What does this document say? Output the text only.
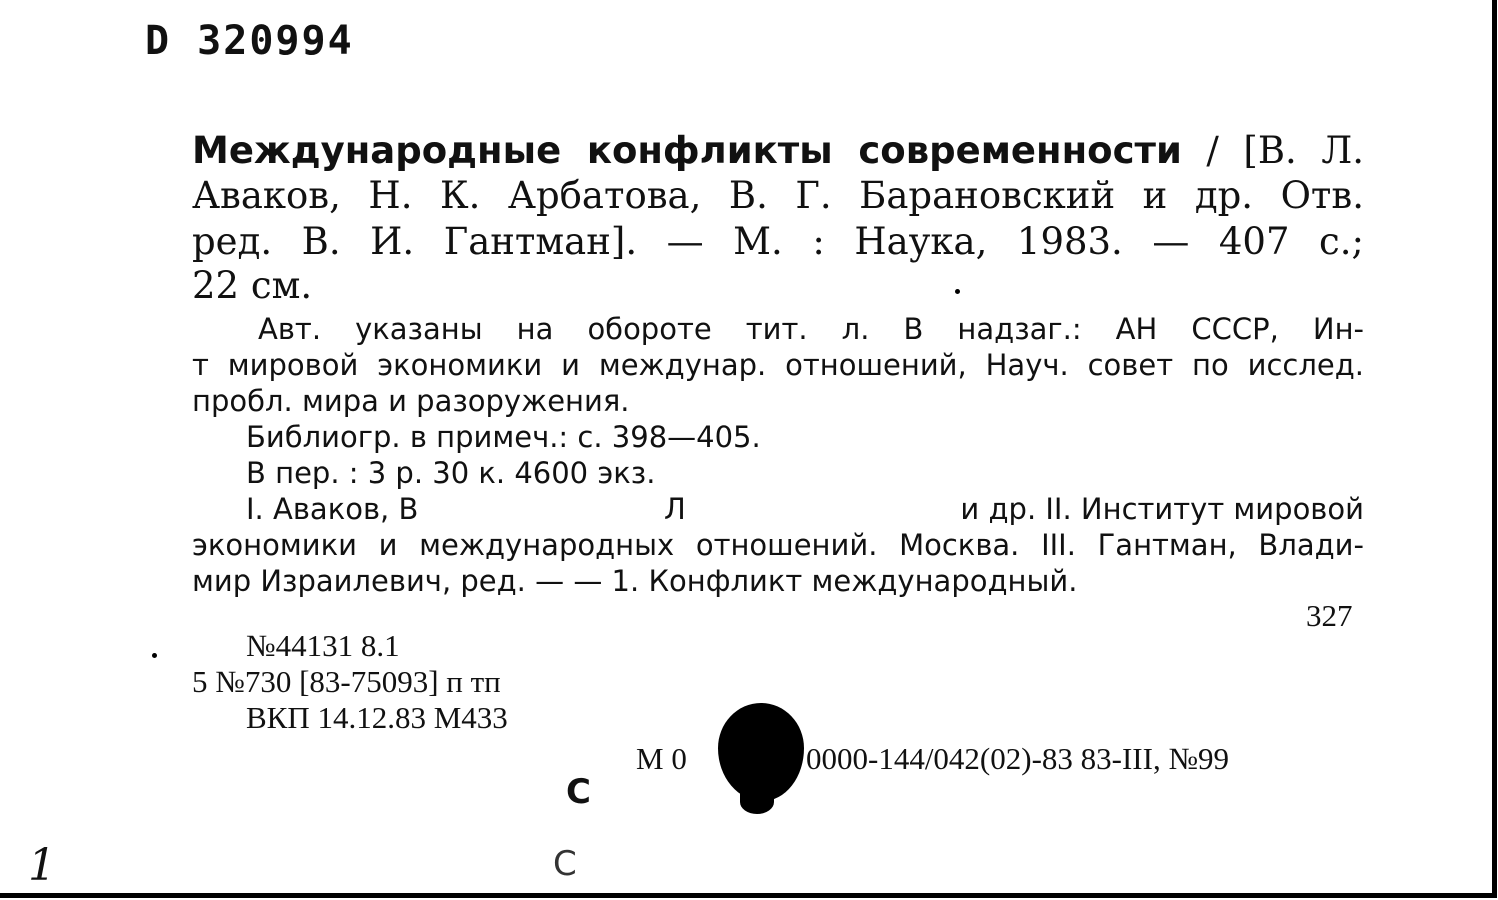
D 320994
Международные конфликты современности / [В. Л.
Аваков, Н. К. Арбатова, В. Г. Барановский и др. Отв.
ред. В. И. Гантман]. — М. : Наука, 1983. — 407 с.;
22 см.
Авт. указаны на обороте тит. л. В надзаг.: АН СССР, Ин-
т мировой экономики и междунар. отношений, Науч. совет по исслед.
пробл. мира и разоружения.
Библиогр. в примеч.: с. 398—405.
В пер. : 3 р. 30 к. 4600 экз.
I. Аваков, В	Л	и др. II. Институт мировой
экономики и международных отношений. Москва. III. Гантман, Влади-
мир Израилевич, ред. — — 1. Конфликт международный.
327
№44131 8.1
5 №730 [83-75093] п тп
ВКП 14.12.83 М433
М 0	0000-144/042(02)-83 83-III, №99
С
С
1
